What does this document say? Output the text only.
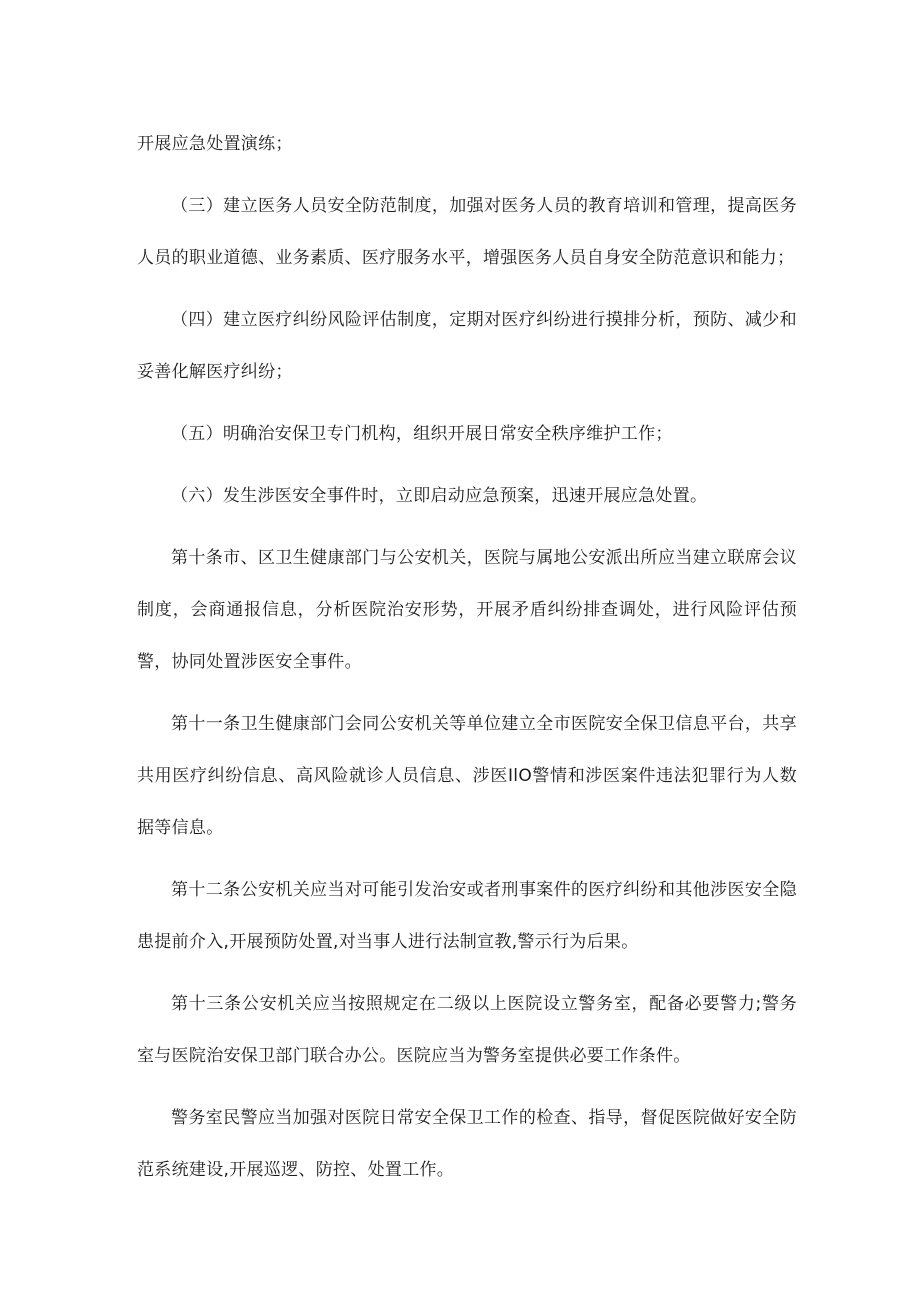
开展应急处置演练；

（三）建立医务人员安全防范制度，加强对医务人员的教育培训和管理，提高医务人员的职业道德、业务素质、医疗服务水平，增强医务人员自身安全防范意识和能力；

（四）建立医疗纠纷风险评估制度，定期对医疗纠纷进行摸排分析，预防、减少和妥善化解医疗纠纷；

（五）明确治安保卫专门机构，组织开展日常安全秩序维护工作；

（六）发生涉医安全事件时，立即启动应急预案，迅速开展应急处置。

第十条市、区卫生健康部门与公安机关，医院与属地公安派出所应当建立联席会议制度，会商通报信息，分析医院治安形势，开展矛盾纠纷排查调处，进行风险评估预警，协同处置涉医安全事件。

第十一条卫生健康部门会同公安机关等单位建立全市医院安全保卫信息平台，共享共用医疗纠纷信息、高风险就诊人员信息、涉医IlO警情和涉医案件违法犯罪行为人数据等信息。

第十二条公安机关应当对可能引发治安或者刑事案件的医疗纠纷和其他涉医安全隐患提前介入,开展预防处置,对当事人进行法制宣教,警示行为后果。

第十三条公安机关应当按照规定在二级以上医院设立警务室，配备必要警力;警务室与医院治安保卫部门联合办公。医院应当为警务室提供必要工作条件。

警务室民警应当加强对医院日常安全保卫工作的检查、指导，督促医院做好安全防范系统建设,开展巡逻、防控、处置工作。
